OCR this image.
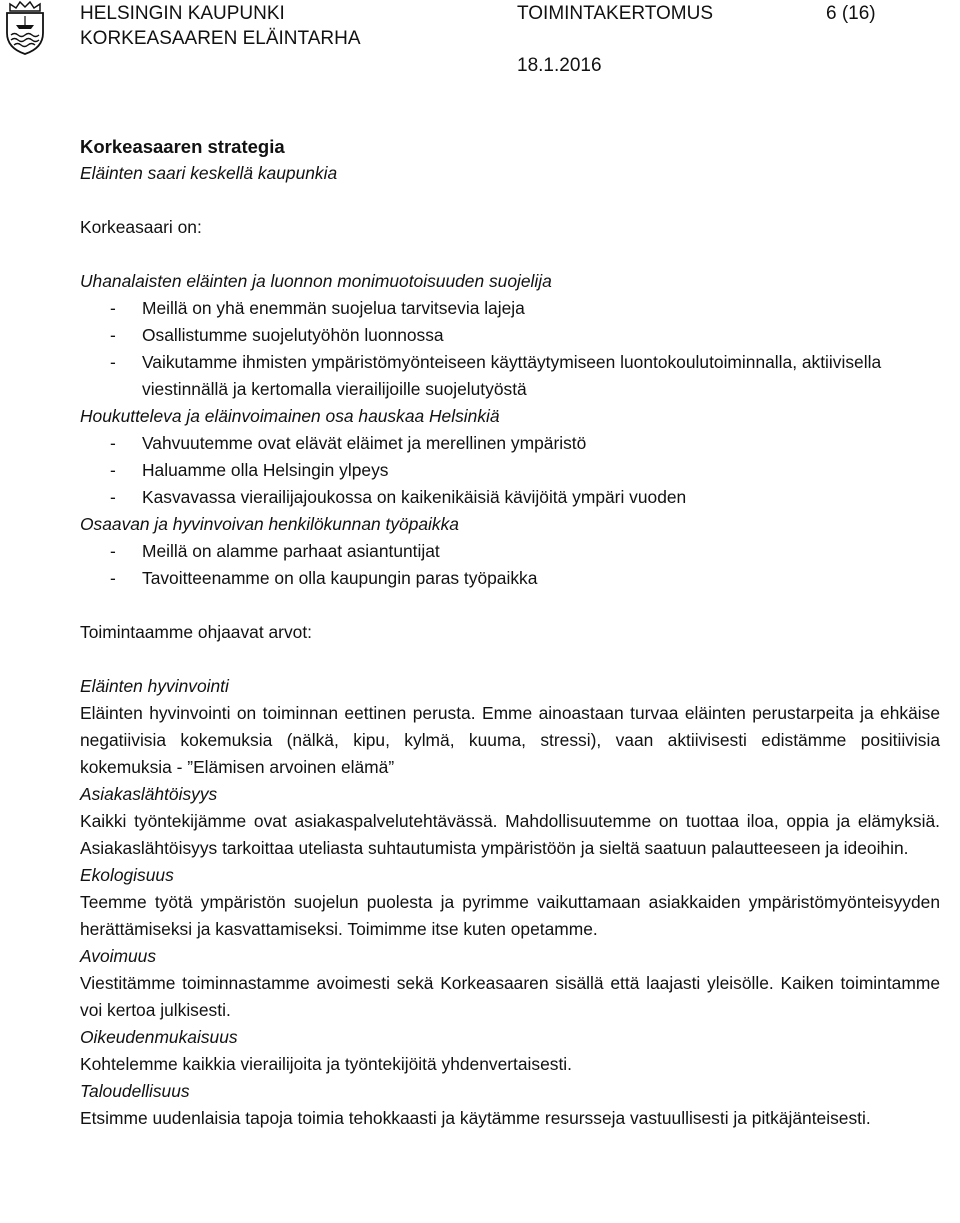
HELSINGIN KAUPUNKI
KORKEASAAREN ELÄINTARHA
TOIMINTAKERTOMUS	6 (16)
18.1.2016
Korkeasaaren strategia
Eläinten saari keskellä kaupunkia
Korkeasaari on:
Uhanalaisten eläinten ja luonnon monimuotoisuuden suojelija
-	Meillä on yhä enemmän suojelua tarvitsevia lajeja
-	Osallistumme suojelutyöhön luonnossa
-	Vaikutamme ihmisten ympäristömyönteiseen käyttäytymiseen luontokoulutoiminnalla, aktiivisella viestinnällä ja kertomalla vierailijoille suojelutyöstä
Houkutteleva ja eläinvoimainen osa hauskaa Helsinkiä
-	Vahvuutemme ovat elävät eläimet ja merellinen ympäristö
-	Haluamme olla Helsingin ylpeys
-	Kasvavassa vierailijajoukossa on kaikenikäisiä kävijöitä ympäri vuoden
Osaavan ja hyvinvoivan henkilökunnan työpaikka
-	Meillä on alamme parhaat asiantuntijat
-	Tavoitteenamme on olla kaupungin paras työpaikka
Toimintaamme ohjaavat arvot:
Eläinten hyvinvointi
Eläinten hyvinvointi on toiminnan eettinen perusta. Emme ainoastaan turvaa eläinten perustarpeita ja ehkäise negatiivisia kokemuksia (nälkä, kipu, kylmä, kuuma, stressi), vaan aktiivisesti edistämme positiivisia kokemuksia - ”Elämisen arvoinen elämä”
Asiakaslähtöisyys
Kaikki työntekijämme ovat asiakaspalvelutehtävässä. Mahdollisuutemme on tuottaa iloa, oppia ja elämyksiä. Asiakaslähtöisyys tarkoittaa uteliasta suhtautumista ympäristöön ja sieltä saatuun palautteeseen ja ideoihin.
Ekologisuus
Teemme työtä ympäristön suojelun puolesta ja pyrimme vaikuttamaan asiakkaiden ympäristömyönteisyyden herättämiseksi ja kasvattamiseksi. Toimimme itse kuten opetamme.
Avoimuus
Viestitämme toiminnastamme avoimesti sekä Korkeasaaren sisällä että laajasti yleisölle. Kaiken toimintamme voi kertoa julkisesti.
Oikeudenmukaisuus
Kohtelemme kaikkia vierailijoita ja työntekijöitä yhdenvertaisesti.
Taloudellisuus
Etsimme uudenlaisia tapoja toimia tehokkaasti ja käytämme resursseja vastuullisesti ja pitkäjänteisesti.
